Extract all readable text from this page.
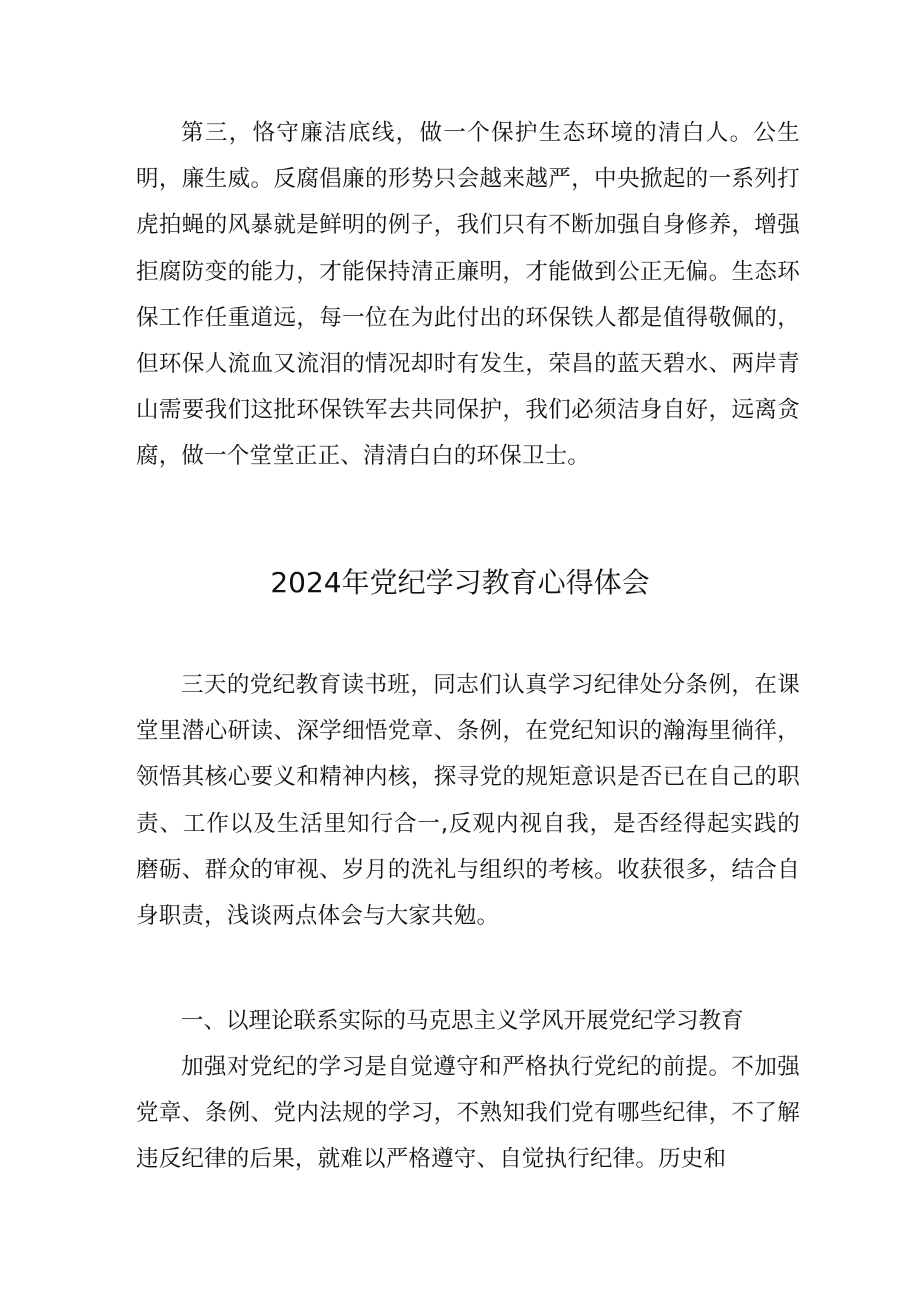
第三，恪守廉洁底线，做一个保护生态环境的清白人。公生明，廉生威。反腐倡廉的形势只会越来越严，中央掀起的一系列打虎拍蝇的风暴就是鲜明的例子，我们只有不断加强自身修养，增强拒腐防变的能力，才能保持清正廉明，才能做到公正无偏。生态环保工作任重道远，每一位在为此付出的环保铁人都是值得敬佩的，但环保人流血又流泪的情况却时有发生，荣昌的蓝天碧水、两岸青山需要我们这批环保铁军去共同保护，我们必须洁身自好，远离贪腐，做一个堂堂正正、清清白白的环保卫士。

2024年党纪学习教育心得体会

三天的党纪教育读书班，同志们认真学习纪律处分条例，在课堂里潜心研读、深学细悟党章、条例，在党纪知识的瀚海里徜徉，领悟其核心要义和精神内核，探寻党的规矩意识是否已在自己的职责、工作以及生活里知行合一,反观内视自我，是否经得起实践的磨砺、群众的审视、岁月的洗礼与组织的考核。收获很多，结合自身职责，浅谈两点体会与大家共勉。

一、以理论联系实际的马克思主义学风开展党纪学习教育

加强对党纪的学习是自觉遵守和严格执行党纪的前提。不加强党章、条例、党内法规的学习，不熟知我们党有哪些纪律，不了解违反纪律的后果，就难以严格遵守、自觉执行纪律。历史和
